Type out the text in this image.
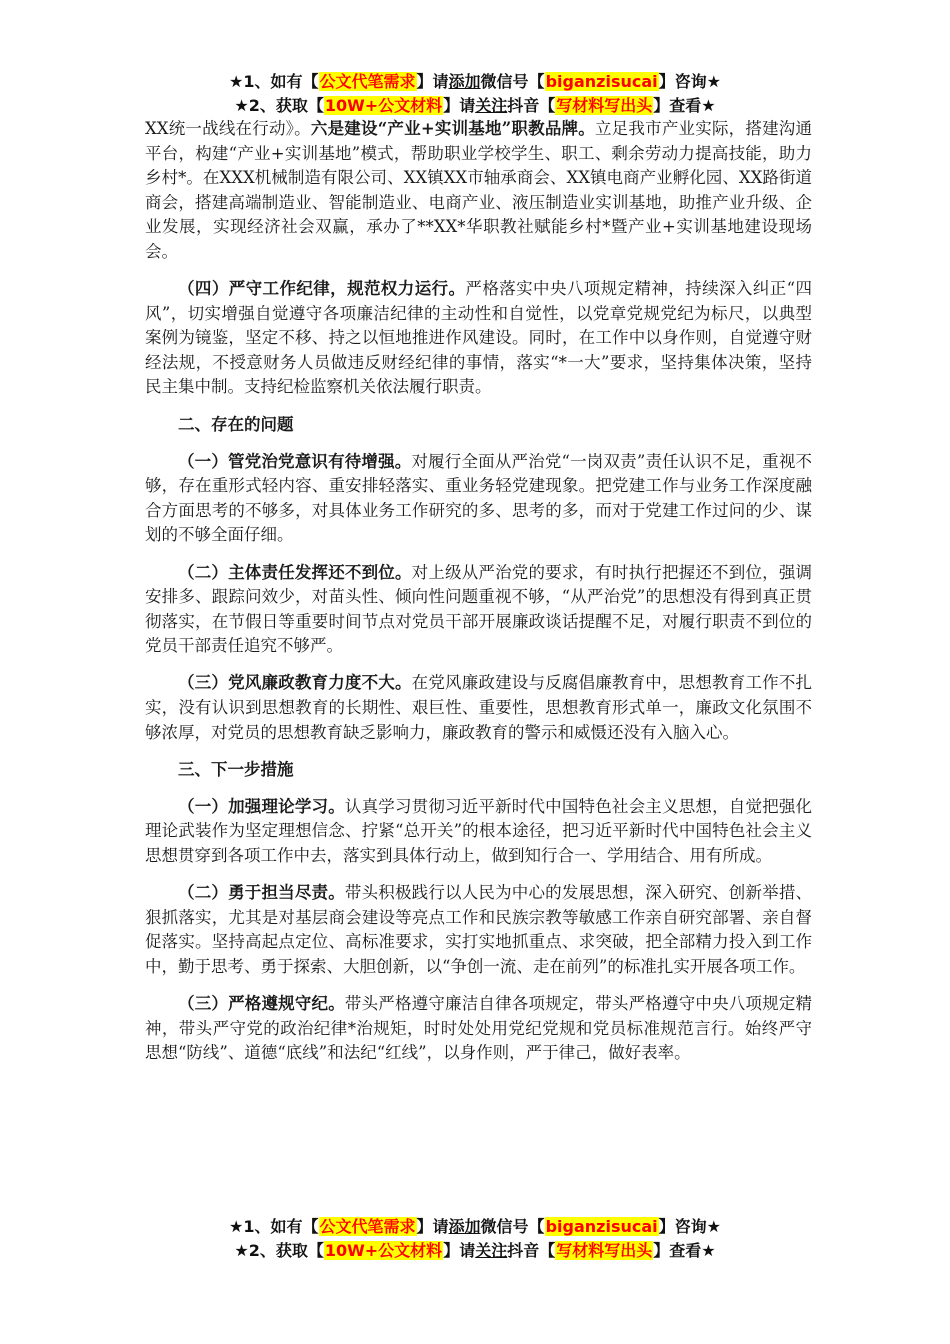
★1、如有【公文代笔需求】请添加微信号【biganzisucai】咨询★
★2、获取【10W+公文材料】请关注抖音【写材料写出头】查看★

XX统一战线在行动》。六是建设“产业+实训基地”职教品牌。立足我市产业实际，搭建沟通平台，构建“产业+实训基地”模式，帮助职业学校学生、职工、剩余劳动力提高技能，助力乡村*。在XXX机械制造有限公司、XX镇XX市轴承商会、XX镇电商产业孵化园、XX路街道商会，搭建高端制造业、智能制造业、电商产业、液压制造业实训基地，助推产业升级、企业发展，实现经济社会双赢，承办了**XX*华职教社赋能乡村*暨产业+实训基地建设现场会。

（四）严守工作纪律，规范权力运行。严格落实中央八项规定精神，持续深入纠正“四风”，切实增强自觉遵守各项廉洁纪律的主动性和自觉性，以党章党规党纪为标尺，以典型案例为镜鉴，坚定不移、持之以恒地推进作风建设。同时，在工作中以身作则，自觉遵守财经法规，不授意财务人员做违反财经纪律的事情，落实“*一大”要求，坚持集体决策，坚持民主集中制。支持纪检监察机关依法履行职责。

二、存在的问题

（一）管党治党意识有待增强。对履行全面从严治党“一岗双责”责任认识不足，重视不够，存在重形式轻内容、重安排轻落实、重业务轻党建现象。把党建工作与业务工作深度融合方面思考的不够多，对具体业务工作研究的多、思考的多，而对于党建工作过问的少、谋划的不够全面仔细。

（二）主体责任发挥还不到位。对上级从严治党的要求，有时执行把握还不到位，强调安排多、跟踪问效少，对苗头性、倾向性问题重视不够，“从严治党”的思想没有得到真正贯彻落实，在节假日等重要时间节点对党员干部开展廉政谈话提醒不足，对履行职责不到位的党员干部责任追究不够严。

（三）党风廉政教育力度不大。在党风廉政建设与反腐倡廉教育中，思想教育工作不扎实，没有认识到思想教育的长期性、艰巨性、重要性，思想教育形式单一，廉政文化氛围不够浓厚，对党员的思想教育缺乏影响力，廉政教育的警示和威慑还没有入脑入心。

三、下一步措施

（一）加强理论学习。认真学习贯彻习近平新时代中国特色社会主义思想，自觉把强化理论武装作为坚定理想信念、拧紧“总开关”的根本途径，把习近平新时代中国特色社会主义思想贯穿到各项工作中去，落实到具体行动上，做到知行合一、学用结合、用有所成。

（二）勇于担当尽责。带头积极践行以人民为中心的发展思想，深入研究、创新举措、狠抓落实，尤其是对基层商会建设等亮点工作和民族宗教等敏感工作亲自研究部署、亲自督促落实。坚持高起点定位、高标准要求，实打实地抓重点、求突破，把全部精力投入到工作中，勤于思考、勇于探索、大胆创新，以“争创一流、走在前列”的标准扎实开展各项工作。

（三）严格遵规守纪。带头严格遵守廉洁自律各项规定，带头严格遵守中央八项规定精神，带头严守党的政治纪律*治规矩，时时处处用党纪党规和党员标准规范言行。始终严守思想“防线”、道德“底线”和法纪“红线”，以身作则，严于律己，做好表率。

★1、如有【公文代笔需求】请添加微信号【biganzisucai】咨询★
★2、获取【10W+公文材料】请关注抖音【写材料写出头】查看★
